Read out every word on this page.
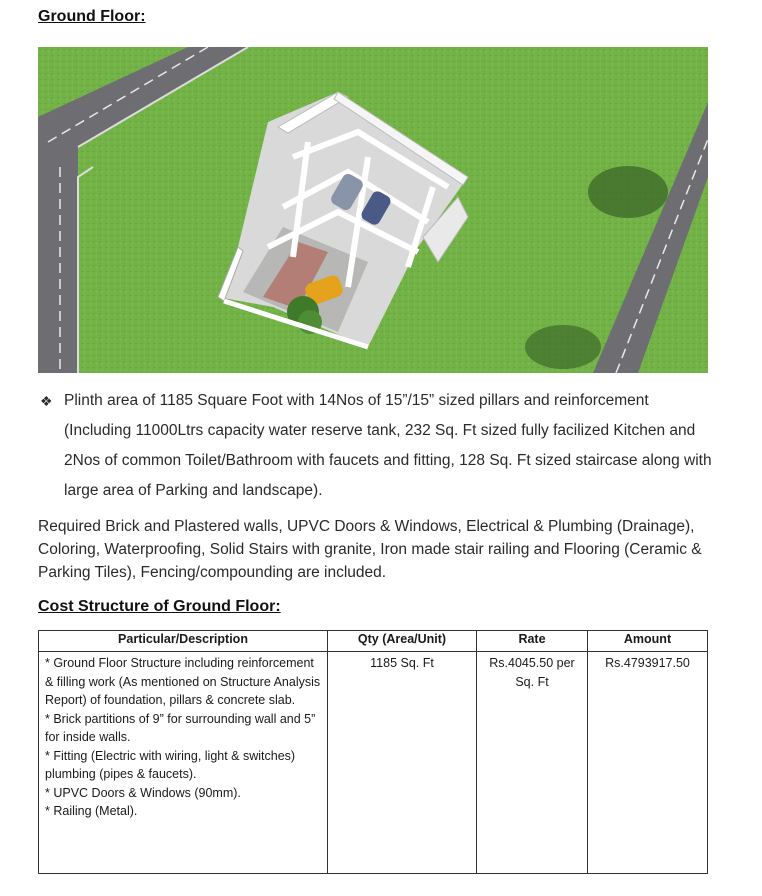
Ground Floor:
❖ Plinth area of 1185 Square Foot with 14Nos of 15”/15” sized pillars and reinforcement (Including 11000Ltrs capacity water reserve tank, 232 Sq. Ft sized fully facilized Kitchen and 2Nos of common Toilet/Bathroom with faucets and fitting, 128 Sq. Ft sized staircase along with large area of Parking and landscape).

Required Brick and Plastered walls, UPVC Doors & Windows, Electrical & Plumbing (Drainage), Coloring, Waterproofing, Solid Stairs with granite, Iron made stair railing and Flooring (Ceramic & Parking Tiles), Fencing/compounding are included.

Cost Structure of Ground Floor:
Particular/Description	Qty (Area/Unit)	Rate	Amount

* Ground Floor Structure including reinforcement & filling work (As mentioned on Structure Analysis Report) of foundation, pillars & concrete slab.
* Brick partitions of 9” for surrounding wall and 5” for inside walls.
* Fitting (Electric with wiring, light & switches) plumbing (pipes & faucets).
* UPVC Doors & Windows (90mm).
* Railing (Metal).	1185 Sq. Ft	Rs.4045.50 per Sq. Ft	Rs.4793917.50
